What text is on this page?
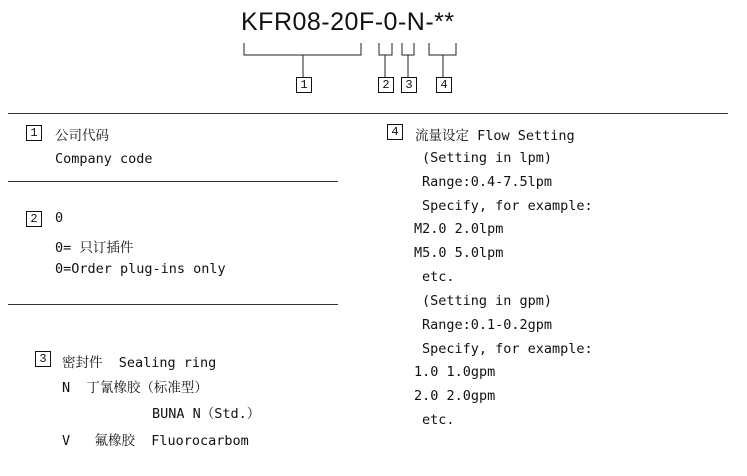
KFR08-20F-0-N-**
1	2	3	4
1	公司代码
Company code
2	0
0= 只订插件
0=Order plug-ins only
3	密封件  Sealing ring
N  丁氰橡胶（标准型）
BUNA N（Std.）
V   氟橡胶  Fluorocarbom
4	流量设定 Flow Setting
(Setting in lpm)
Range:0.4-7.5lpm
Specify, for example:
M2.0 2.0lpm
M5.0 5.0lpm
etc.
(Setting in gpm)
Range:0.1-0.2gpm
Specify, for example:
1.0 1.0gpm
2.0 2.0gpm
etc.
